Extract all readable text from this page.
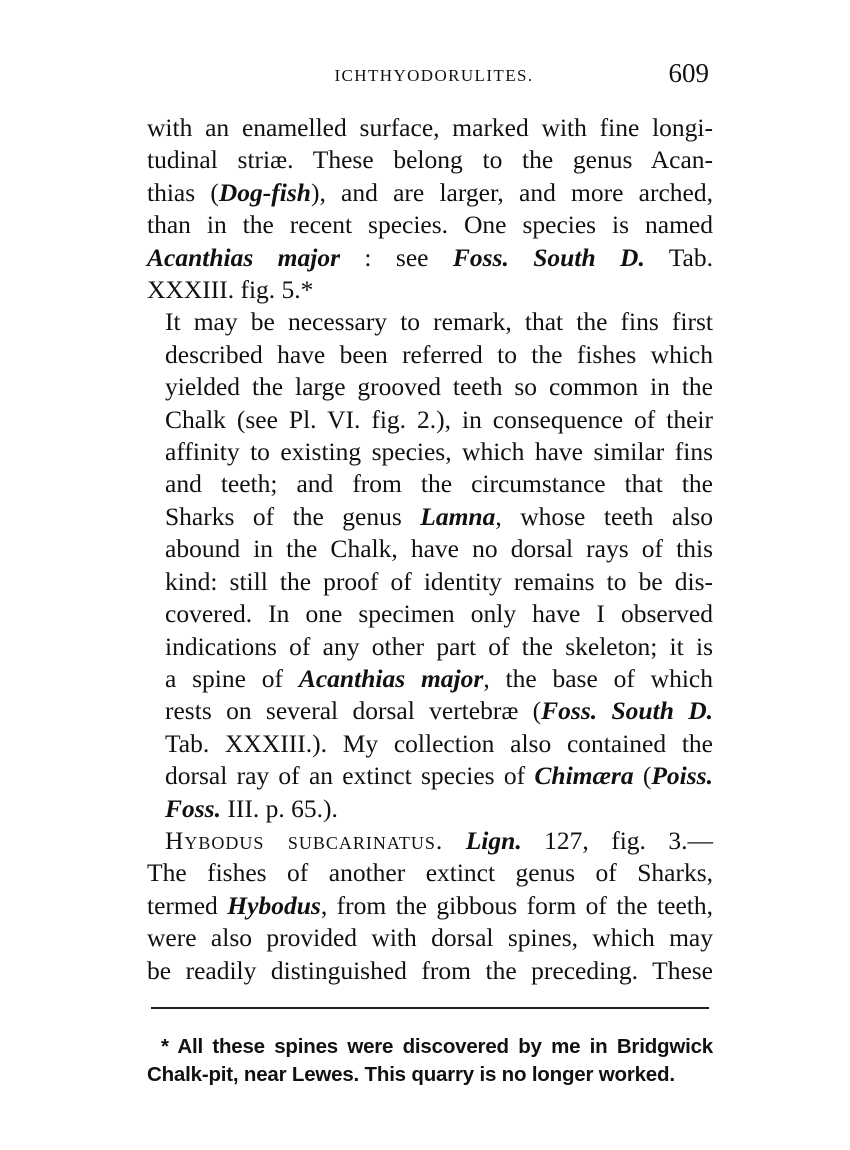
ICHTHYODORULITES.	609

with an enamelled surface, marked with fine longi-
tudinal striæ. These belong to the genus Acan-
thias (Dog-fish), and are larger, and more arched,
than in the recent species. One species is named
Acanthias major : see Foss. South D. Tab.
XXXIII. fig. 5.*

It may be necessary to remark, that the fins first
described have been referred to the fishes which
yielded the large grooved teeth so common in the
Chalk (see Pl. VI. fig. 2.), in consequence of their
affinity to existing species, which have similar fins
and teeth; and from the circumstance that the
Sharks of the genus Lamna, whose teeth also
abound in the Chalk, have no dorsal rays of this
kind: still the proof of identity remains to be dis-
covered. In one specimen only have I observed
indications of any other part of the skeleton; it is
a spine of Acanthias major, the base of which
rests on several dorsal vertebræ (Foss. South D.
Tab. XXXIII.). My collection also contained the
dorsal ray of an extinct species of Chimæra (Poiss.
Foss. III. p. 65.).

Hybodus subcarinatus. Lign. 127, fig. 3.—
The fishes of another extinct genus of Sharks,
termed Hybodus, from the gibbous form of the teeth,
were also provided with dorsal spines, which may
be readily distinguished from the preceding. These

* All these spines were discovered by me in Bridgwick
Chalk-pit, near Lewes. This quarry is no longer worked.
